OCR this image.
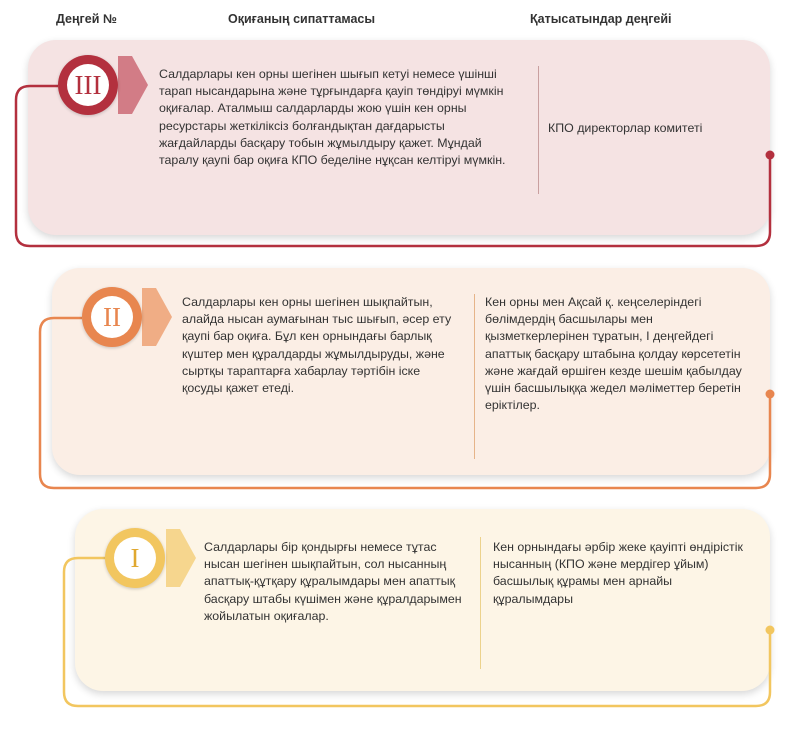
Деңгей №	Оқиғаның сипаттамасы	Қатысатындар деңгейі
Салдарлары кен орны шегінен шығып кетуі немесе үшінші тарап нысандарына және тұрғындарға қауіп төндіруі мүмкін оқиғалар. Аталмыш салдарларды жою үшін кен орны ресурстары жеткіліксіз болғандықтан дағдарысты жағдайларды басқару тобын жұмылдыру қажет. Мұндай таралу қаупі бар оқиға КПО беделіне нұқсан келтіруі мүмкін.
КПО директорлар комитеті
Салдарлары кен орны шегінен шықпайтын, алайда нысан аумағынан тыс шығып, әсер ету қаупі бар оқиға. Бұл кен орнындағы барлық күштер мен құралдарды жұмылдыруды, және сыртқы тараптарға хабарлау тәртібін іске қосуды қажет етеді.
Кен орны мен Ақсай қ. кеңселеріндегі бөлімдердің басшылары мен қызметкерлерінен тұратын, I деңгейдегі апаттық басқару штабына қолдау көрсететін және жағдай өршіген кезде шешім қабылдау үшін басшылыққа жедел мәліметтер беретін еріктілер.
Салдарлары бір қондырғы немесе тұтас нысан шегінен шықпайтын, сол нысанның апаттық-құтқару құралымдары мен апаттық басқару штабы күшімен және құралдарымен жойылатын оқиғалар.
Кен орнындағы әрбір жеке қауіпті өндірістік нысанның (КПО және мердігер ұйым) басшылық құрамы мен арнайы құралымдары
III
II
I
